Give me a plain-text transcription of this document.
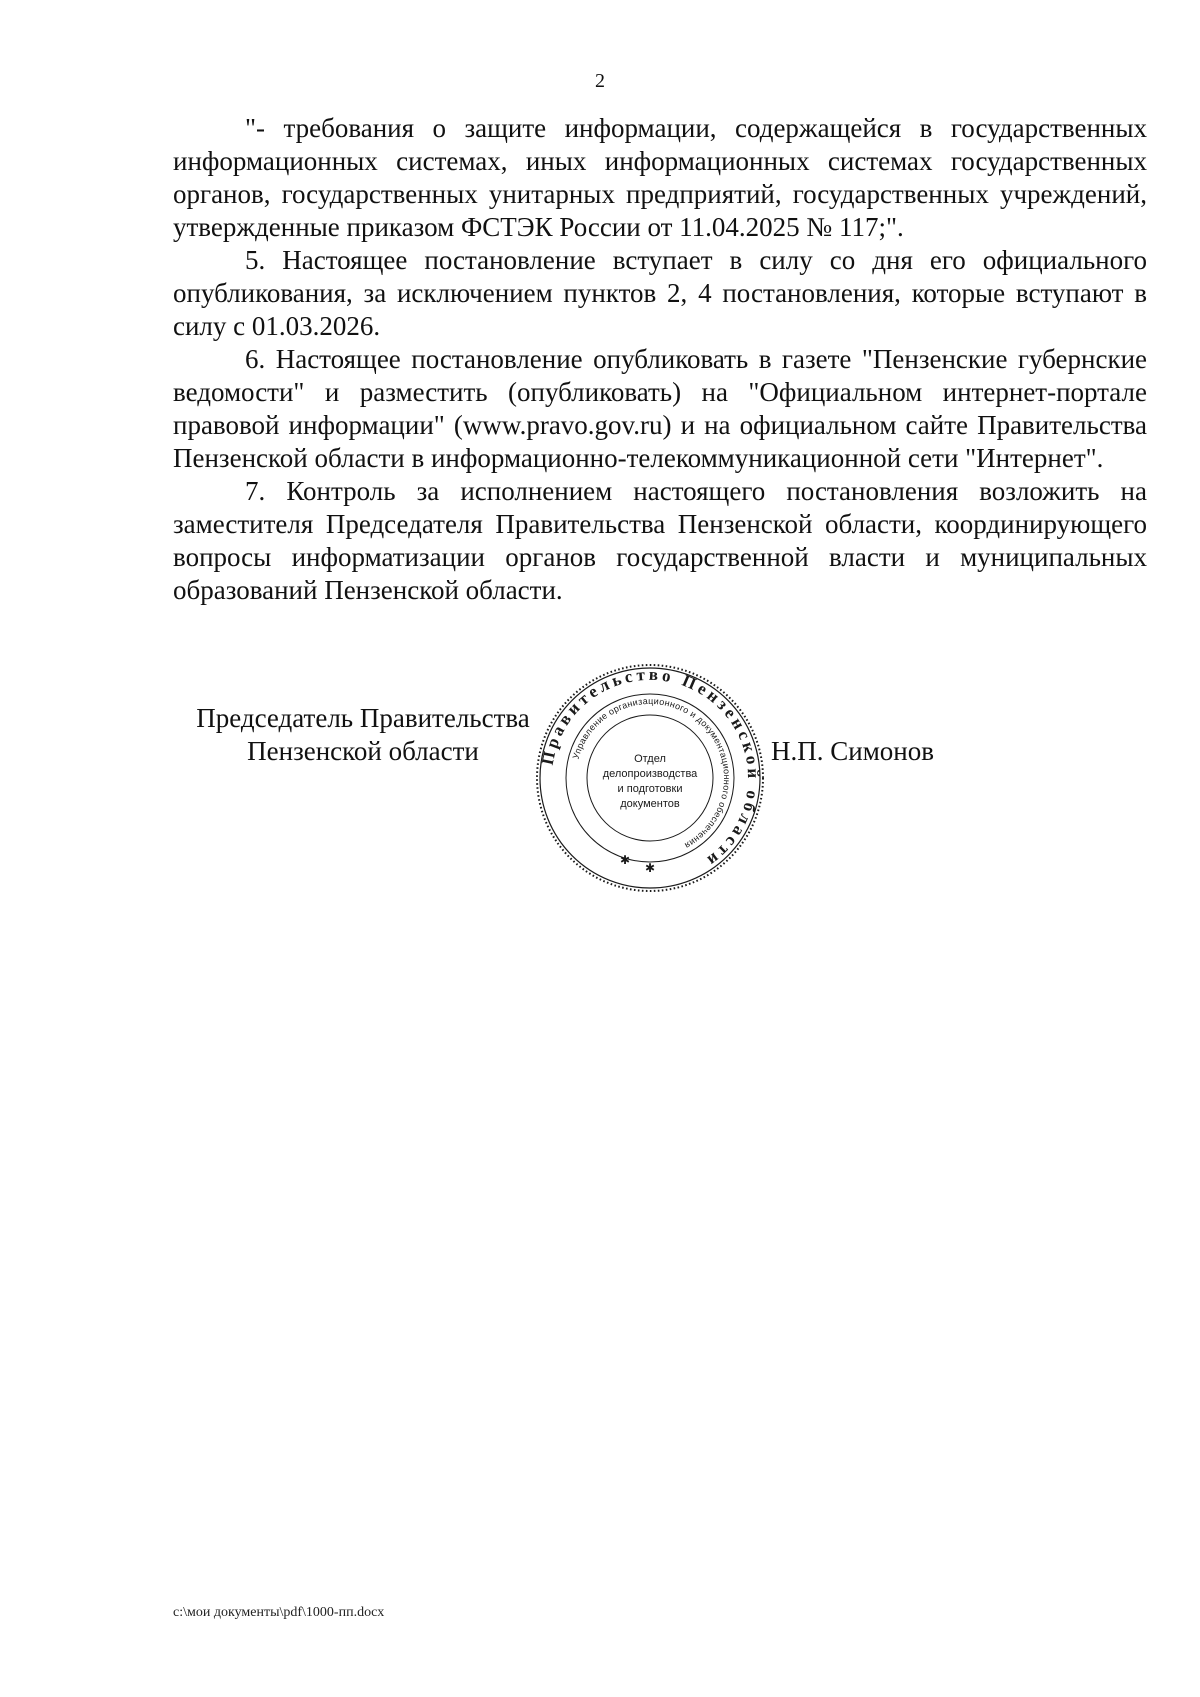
2

"- требования о защите информации, содержащейся в государственных информационных системах, иных информационных системах государственных органов, государственных унитарных предприятий, государственных учреждений, утвержденные приказом ФСТЭК России от 11.04.2025 № 117;".

5. Настоящее постановление вступает в силу со дня его официального опубликования, за исключением пунктов 2, 4 постановления, которые вступают в силу с 01.03.2026.

6. Настоящее постановление опубликовать в газете "Пензенские губернские ведомости" и разместить (опубликовать) на "Официальном интернет-портале правовой информации" (www.pravo.gov.ru) и на официальном сайте Правительства Пензенской области в информационно-телекоммуникационной сети "Интернет".

7. Контроль за исполнением настоящего постановления возложить на заместителя Председателя Правительства Пензенской области, координирующего вопросы информатизации органов государственной власти и муниципальных образований Пензенской области.

Председатель Правительства
Пензенской области	Правительство Пензенской области
Управление организационного и документационного обеспечения
Отдел
делопроизводства
и подготовки
документов
✱
✱
Н.П. Симонов
c:\мои документы\pdf\1000-пп.docx
